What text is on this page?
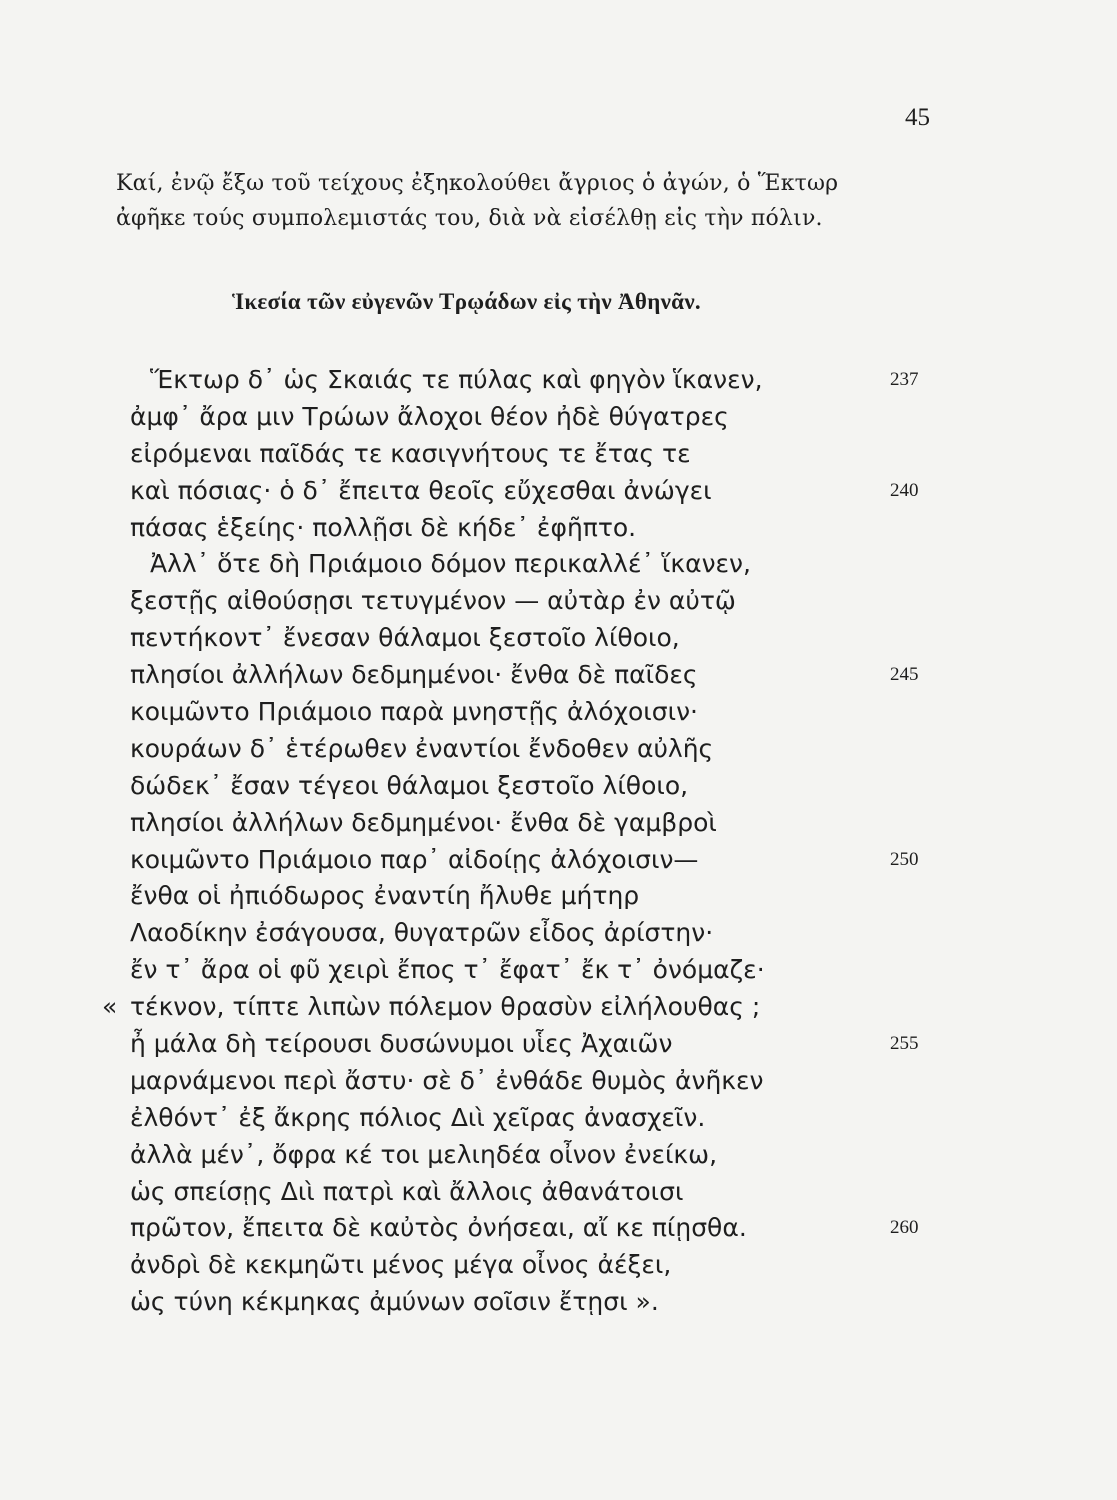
45
Καί, ἐνῷ ἔξω τοῦ τείχους ἐξηκολούθει ἄγριος ὁ ἀγών, ὁ Ἕκτωρ
ἀφῆκε τούς συμπολεμιστάς του, διὰ νὰ εἰσέλθῃ εἰς τὴν πόλιν.
Ἱκεσία τῶν εὐγενῶν Τρῳάδων εἰς τὴν Ἀθηνᾶν.
Ἕκτωρ δ᾽ ὡς Σκαιάς τε πύλας καὶ φηγὸν ἵκανεν,	237
ἀμφ᾽ ἄρα μιν Τρώων ἄλοχοι θέον ἠδὲ θύγατρες
εἰρόμεναι παῖδάς τε κασιγνήτους τε ἔτας τε
καὶ πόσιας· ὁ δ᾽ ἔπειτα θεοῖς εὔχεσθαι ἀνώγει	240
πάσας ἑξείης· πολλῇσι δὲ κήδε᾽ ἐφῆπτο.
Ἀλλ᾽ ὅτε δὴ Πριάμοιο δόμον περικαλλέ᾽ ἵκανεν,
ξεστῇς αἰθούσῃσι τετυγμένον — αὐτὰρ ἐν αὐτῷ
πεντήκοντ᾽ ἔνεσαν θάλαμοι ξεστοῖο λίθοιο,
πλησίοι ἀλλήλων δεδμημένοι· ἔνθα δὲ παῖδες	245
κοιμῶντο Πριάμοιο παρὰ μνηστῇς ἀλόχοισιν·
κουράων δ᾽ ἑτέρωθεν ἐναντίοι ἔνδοθεν αὐλῆς
δώδεκ᾽ ἔσαν τέγεοι θάλαμοι ξεστοῖο λίθοιο,
πλησίοι ἀλλήλων δεδμημένοι· ἔνθα δὲ γαμβροὶ
κοιμῶντο Πριάμοιο παρ᾽ αἰδοίῃς ἀλόχοισιν—	250
ἔνθα οἱ ἠπιόδωρος ἐναντίη ἤλυθε μήτηρ
Λαοδίκην ἐσάγουσα, θυγατρῶν εἶδος ἀρίστην·
ἔν τ᾽ ἄρα οἱ φῦ χειρὶ ἔπος τ᾽ ἔφατ᾽ ἔκ τ᾽ ὀνόμαζε·
« τέκνον, τίπτε λιπὼν πόλεμον θρασὺν εἰλήλουθας ;
ἦ μάλα δὴ τείρουσι δυσώνυμοι υἷες Ἀχαιῶν	255
μαρνάμενοι περὶ ἄστυ· σὲ δ᾽ ἐνθάδε θυμὸς ἀνῆκεν
ἐλθόντ᾽ ἐξ ἄκρης πόλιος Διὶ χεῖρας ἀνασχεῖν.
ἀλλὰ μέν᾽, ὄφρα κέ τοι μελιηδέα οἶνον ἐνείκω,
ὡς σπείσῃς Διὶ πατρὶ καὶ ἄλλοις ἀθανάτοισι
πρῶτον, ἔπειτα δὲ καὐτὸς ὀνήσεαι, αἴ κε πίῃσθα.	260
ἀνδρὶ δὲ κεκμηῶτι μένος μέγα οἶνος ἀέξει,
ὡς τύνη κέκμηκας ἀμύνων σοῖσιν ἔτῃσι ».
